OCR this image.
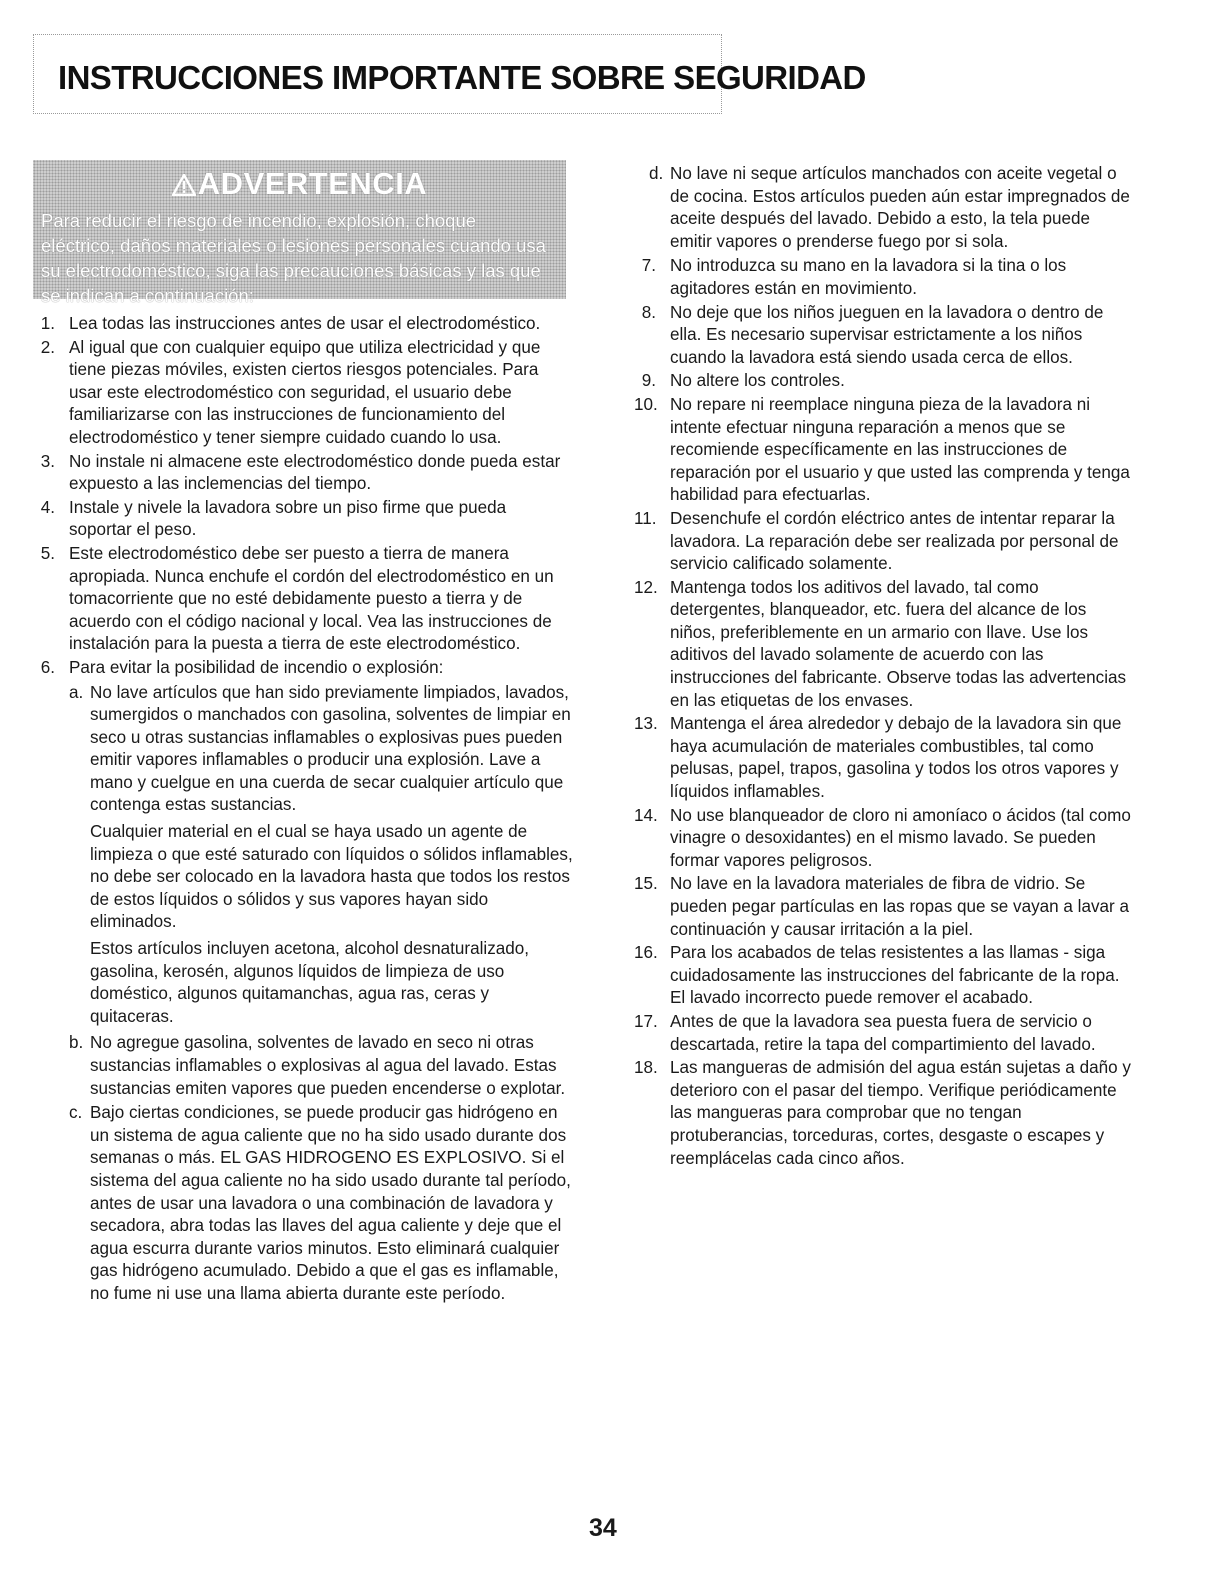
INSTRUCCIONES IMPORTANTE SOBRE SEGURIDAD
ADVERTENCIA
Para reducir el riesgo de incendio, explosión, choque eléctrico, daños materiales o lesiones personales cuando usa su electrodoméstico, siga las precauciones básicas y las que se indican a continuación:
1. Lea todas las instrucciones antes de usar el electrodoméstico.
2. Al igual que con cualquier equipo que utiliza electricidad y que tiene piezas móviles, existen ciertos riesgos potenciales. Para usar este electrodoméstico con seguridad, el usuario debe familiarizarse con las instrucciones de funcionamiento del electrodoméstico y tener siempre cuidado cuando lo usa.
3. No instale ni almacene este electrodoméstico donde pueda estar expuesto a las inclemencias del tiempo.
4. Instale y nivele la lavadora sobre un piso firme que pueda soportar el peso.
5. Este electrodoméstico debe ser puesto a tierra de manera apropiada. Nunca enchufe el cordón del electrodoméstico en un tomacorriente que no esté debidamente puesto a tierra y de acuerdo con el código nacional y local. Vea las instrucciones de instalación para la puesta a tierra de este electrodoméstico.
6. Para evitar la posibilidad de incendio o explosión:
a. No lave artículos que han sido previamente limpiados, lavados, sumergidos o manchados con gasolina, solventes de limpiar en seco u otras sustancias inflamables o explosivas pues pueden emitir vapores inflamables o producir una explosión. Lave a mano y cuelgue en una cuerda de secar cualquier artículo que contenga estas sustancias.
Cualquier material en el cual se haya usado un agente de limpieza o que esté saturado con líquidos o sólidos inflamables, no debe ser colocado en la lavadora hasta que todos los restos de estos líquidos o sólidos y sus vapores hayan sido eliminados.
Estos artículos incluyen acetona, alcohol desnaturalizado, gasolina, kerosén, algunos líquidos de limpieza de uso doméstico, algunos quitamanchas, agua ras, ceras y quitaceras.
b. No agregue gasolina, solventes de lavado en seco ni otras sustancias inflamables o explosivas al agua del lavado. Estas sustancias emiten vapores que pueden encenderse o explotar.
c. Bajo ciertas condiciones, se puede producir gas hidrógeno en un sistema de agua caliente que no ha sido usado durante dos semanas o más. EL GAS HIDROGENO ES EXPLOSIVO. Si el sistema del agua caliente no ha sido usado durante tal período, antes de usar una lavadora o una combinación de lavadora y secadora, abra todas las llaves del agua caliente y deje que el agua escurra durante varios minutos. Esto eliminará cualquier gas hidrógeno acumulado. Debido a que el gas es inflamable, no fume ni use una llama abierta durante este período.
d. No lave ni seque artículos manchados con aceite vegetal o de cocina. Estos artículos pueden aún estar impregnados de aceite después del lavado. Debido a esto, la tela puede emitir vapores o prenderse fuego por si sola.
7. No introduzca su mano en la lavadora si la tina o los agitadores están en movimiento.
8. No deje que los niños jueguen en la lavadora o dentro de ella. Es necesario supervisar estrictamente a los niños cuando la lavadora está siendo usada cerca de ellos.
9. No altere los controles.
10. No repare ni reemplace ninguna pieza de la lavadora ni intente efectuar ninguna reparación a menos que se recomiende específicamente en las instrucciones de reparación por el usuario y que usted las comprenda y tenga habilidad para efectuarlas.
11. Desenchufe el cordón eléctrico antes de intentar reparar la lavadora. La reparación debe ser realizada por personal de servicio calificado solamente.
12. Mantenga todos los aditivos del lavado, tal como detergentes, blanqueador, etc. fuera del alcance de los niños, preferiblemente en un armario con llave. Use los aditivos del lavado solamente de acuerdo con las instrucciones del fabricante. Observe todas las advertencias en las etiquetas de los envases.
13. Mantenga el área alrededor y debajo de la lavadora sin que haya acumulación de materiales combustibles, tal como pelusas, papel, trapos, gasolina y todos los otros vapores y líquidos inflamables.
14. No use blanqueador de cloro ni amoníaco o ácidos (tal como vinagre o desoxidantes) en el mismo lavado. Se pueden formar vapores peligrosos.
15. No lave en la lavadora materiales de fibra de vidrio. Se pueden pegar partículas en las ropas que se vayan a lavar a continuación y causar irritación a la piel.
16. Para los acabados de telas resistentes a las llamas - siga cuidadosamente las instrucciones del fabricante de la ropa. El lavado incorrecto puede remover el acabado.
17. Antes de que la lavadora sea puesta fuera de servicio o descartada, retire la tapa del compartimiento del lavado.
18. Las mangueras de admisión del agua están sujetas a daño y deterioro con el pasar del tiempo. Verifique periódicamente las mangueras para comprobar que no tengan protuberancias, torceduras, cortes, desgaste o escapes y reemplácelas cada cinco años.

34
